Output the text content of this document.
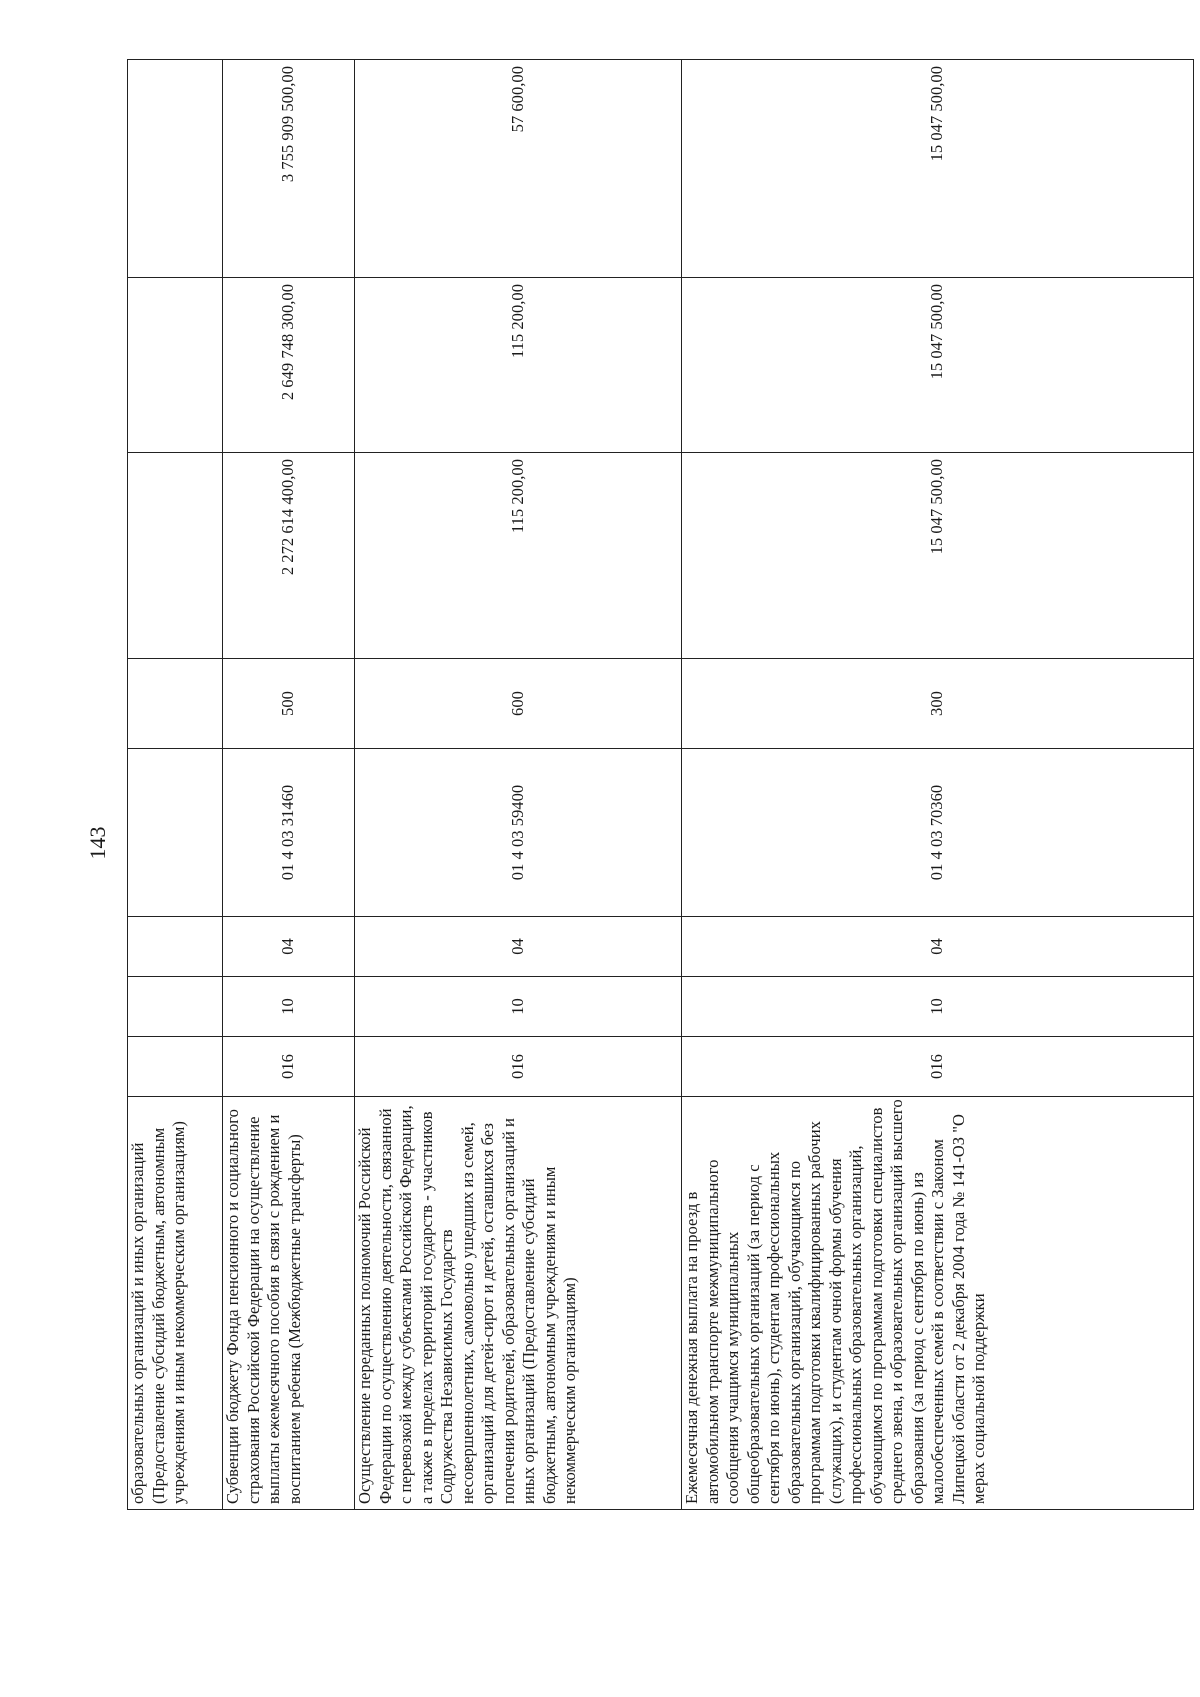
143
образовательных организаций и иных организаций (Предоставление субсидий бюджетным, автономным учреждениям и иным некоммерческим организациям)								
Субвенции бюджету Фонда пенсионного и социального страхования Российской Федерации на осуществление выплаты ежемесячного пособия в связи с рождением и воспитанием ребенка (Межбюджетные трансферты)	016	10	04	01 4 03 31460	500	2 272 614 400,00	2 649 748 300,00	3 755 909 500,00
Осуществление переданных полномочий Российской Федерации по осуществлению деятельности, связанной с перевозкой между субъектами Российской Федерации, а также в пределах территорий государств - участников Содружества Независимых Государств несовершеннолетних, самовольно ушедших из семей, организаций для детей-сирот и детей, оставшихся без попечения родителей, образовательных организаций и иных организаций (Предоставление субсидий бюджетным, автономным учреждениям и иным некоммерческим организациям)	016	10	04	01 4 03 59400	600	115 200,00	115 200,00	57 600,00
Ежемесячная денежная выплата на проезд в автомобильном транспорте межмуниципального сообщения учащимся муниципальных общеобразовательных организаций (за период с сентября по июнь), студентам профессиональных образовательных организаций, обучающимся по программам подготовки квалифицированных рабочих (служащих), и студентам очной формы обучения профессиональных образовательных организаций, обучающимся по программам подготовки специалистов среднего звена, и образовательных организаций высшего образования (за период с сентября по июнь) из малообеспеченных семей в соответствии с Законом Липецкой области от 2 декабря 2004 года № 141-ОЗ "О мерах социальной поддержки	016	10	04	01 4 03 70360	300	15 047 500,00	15 047 500,00	15 047 500,00
